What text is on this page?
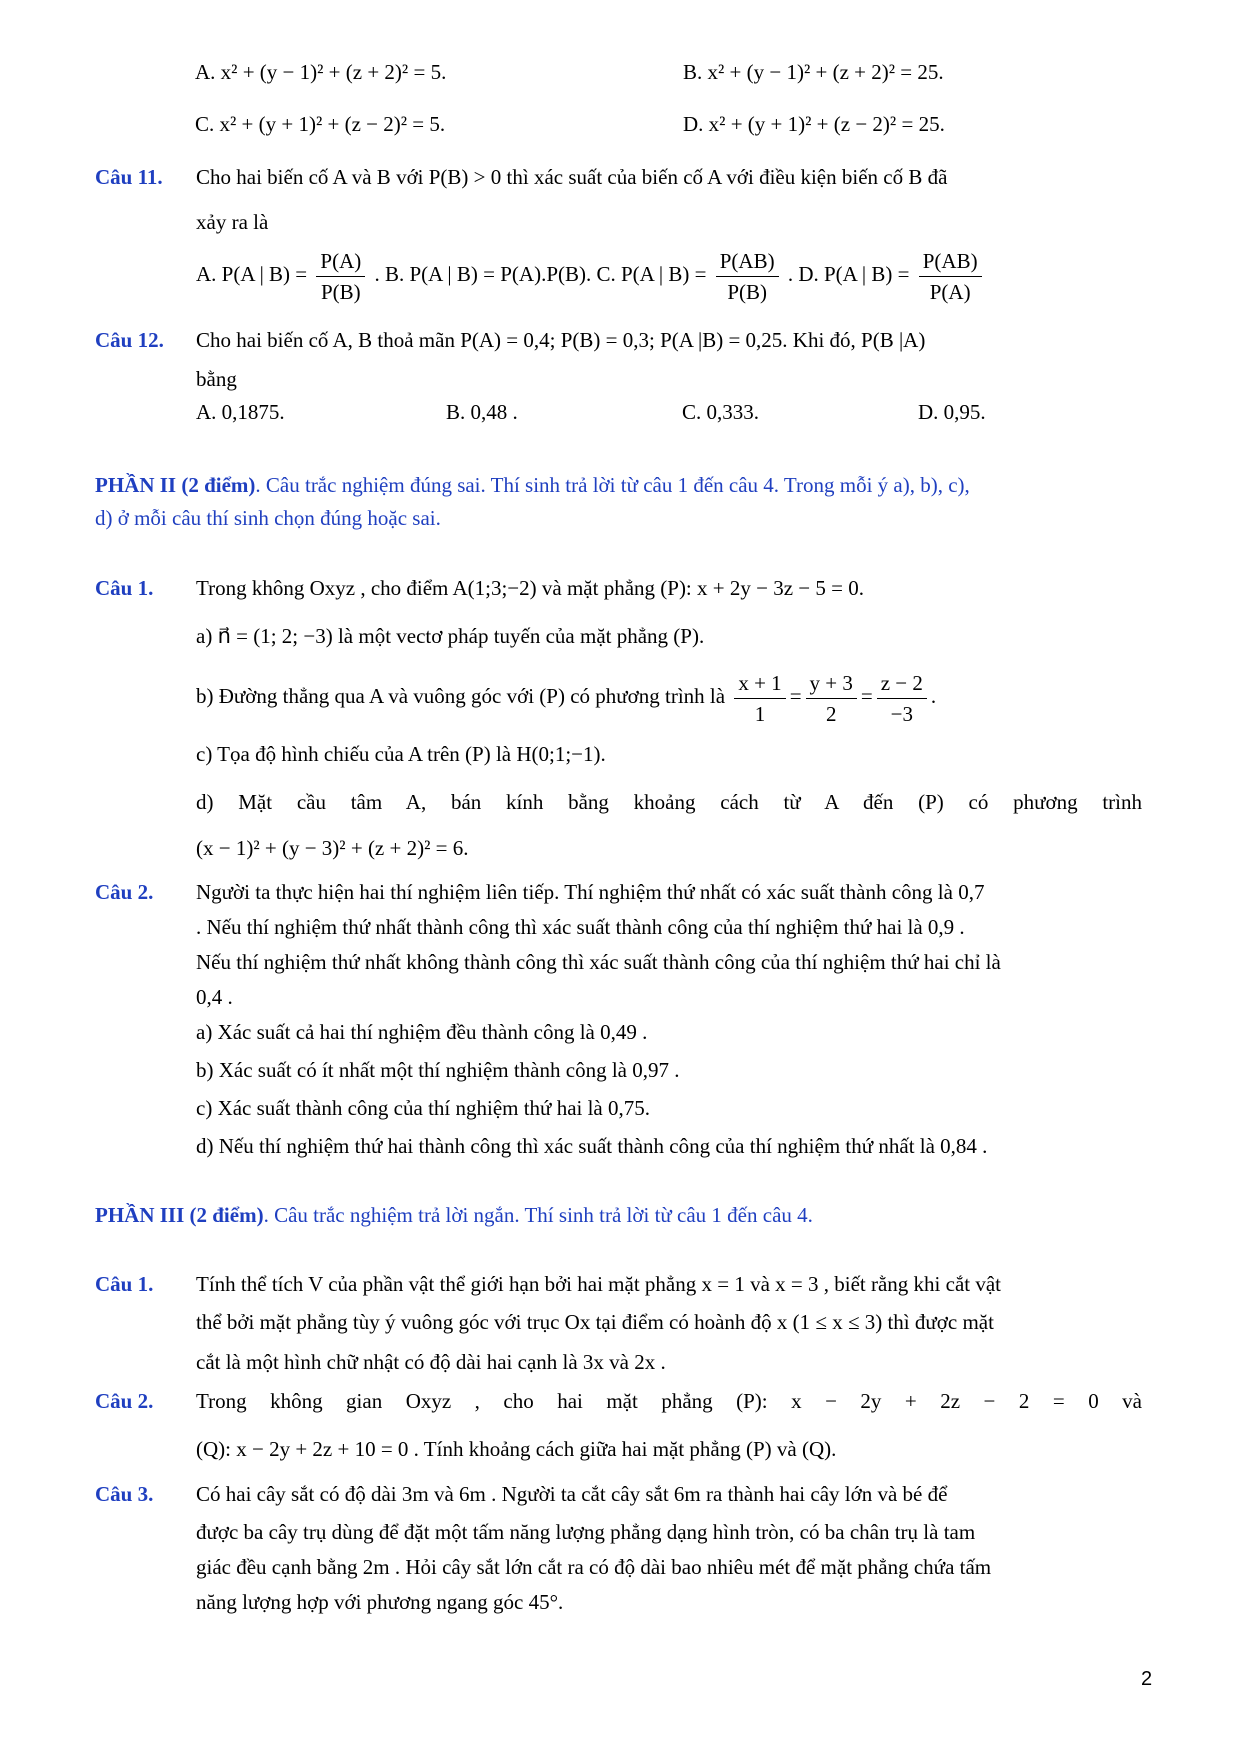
A. x² + (y − 1)² + (z + 2)² = 5.	B. x² + (y − 1)² + (z + 2)² = 25.
C. x² + (y + 1)² + (z − 2)² = 5.	D. x² + (y + 1)² + (z − 2)² = 25.
Câu 11. Cho hai biến cố A và B với P(B) > 0 thì xác suất của biến cố A với điều kiện biến cố B đã
xảy ra là
A. P(A | $B) = \frac{P(A)}{P(B)}$ . B. P(A | B) = P(A).P(B). C. P(A | $B) = \frac{P(AB)}{P(B)}$ . D. P(A | $B) = \frac{P(AB)}{P(A)}$
Câu 12. Cho hai biến cố A, B thoả mãn P(A) = 0,4; P(B) = 0,3; P(A |B) = 0,25. Khi đó, P(B |A)
bằng
A. 0,1875.	B. 0,48 .	C. 0,333.	D. 0,95.
PHẦN II (2 điểm). Câu trắc nghiệm đúng sai. Thí sinh trả lời từ câu 1 đến câu 4. Trong mỗi ý a), b), c),
d) ở mỗi câu thí sinh chọn đúng hoặc sai.
Câu 1. Trong không Oxyz , cho điểm A(1;3;−2) và mặt phẳng (P): x + 2y − 3z − 5 = 0.
a) n⃗ = (1; 2; −3) là một vectơ pháp tuyến của mặt phẳng (P).
b) Đường thẳng qua A và vuông góc với (P) có phương trình là $\frac{x + 1}{1} = \frac{y + 3}{2} = \frac{z - 2}{-3}$ .
c) Tọa độ hình chiếu của A trên (P) là H(0;1;−1).
d) Mặt cầu tâm A, bán kính bằng khoảng cách từ A đến (P) có phương trình
(x − 1)² + (y − 3)² + (z + 2)² = 6.
Câu 2. Người ta thực hiện hai thí nghiệm liên tiếp. Thí nghiệm thứ nhất có xác suất thành công là 0,7
. Nếu thí nghiệm thứ nhất thành công thì xác suất thành công của thí nghiệm thứ hai là 0,9 .
Nếu thí nghiệm thứ nhất không thành công thì xác suất thành công của thí nghiệm thứ hai chỉ là
0,4 .
a) Xác suất cả hai thí nghiệm đều thành công là 0,49 .
b) Xác suất có ít nhất một thí nghiệm thành công là 0,97 .
c) Xác suất thành công của thí nghiệm thứ hai là 0,75.
d) Nếu thí nghiệm thứ hai thành công thì xác suất thành công của thí nghiệm thứ nhất là 0,84 .
PHẦN III (2 điểm). Câu trắc nghiệm trả lời ngắn. Thí sinh trả lời từ câu 1 đến câu 4.
Câu 1. Tính thể tích V của phần vật thể giới hạn bởi hai mặt phẳng x = 1 và x = 3 , biết rằng khi cắt vật
thể bởi mặt phẳng tùy ý vuông góc với trục Ox tại điểm có hoành độ x (1 ≤ x ≤ 3) thì được mặt
cắt là một hình chữ nhật có độ dài hai cạnh là 3x và 2x .
Câu 2. Trong không gian Oxyz , cho hai mặt phẳng (P): x − 2y + 2z − 2 = 0 và
(Q): x − 2y + 2z + 10 = 0 . Tính khoảng cách giữa hai mặt phẳng (P) và (Q).
Câu 3. Có hai cây sắt có độ dài 3m và 6m . Người ta cắt cây sắt 6m ra thành hai cây lớn và bé để
được ba cây trụ dùng để đặt một tấm năng lượng phẳng dạng hình tròn, có ba chân trụ là tam
giác đều cạnh bằng 2m . Hỏi cây sắt lớn cắt ra có độ dài bao nhiêu mét để mặt phẳng chứa tấm
năng lượng hợp với phương ngang góc 45°.
2
